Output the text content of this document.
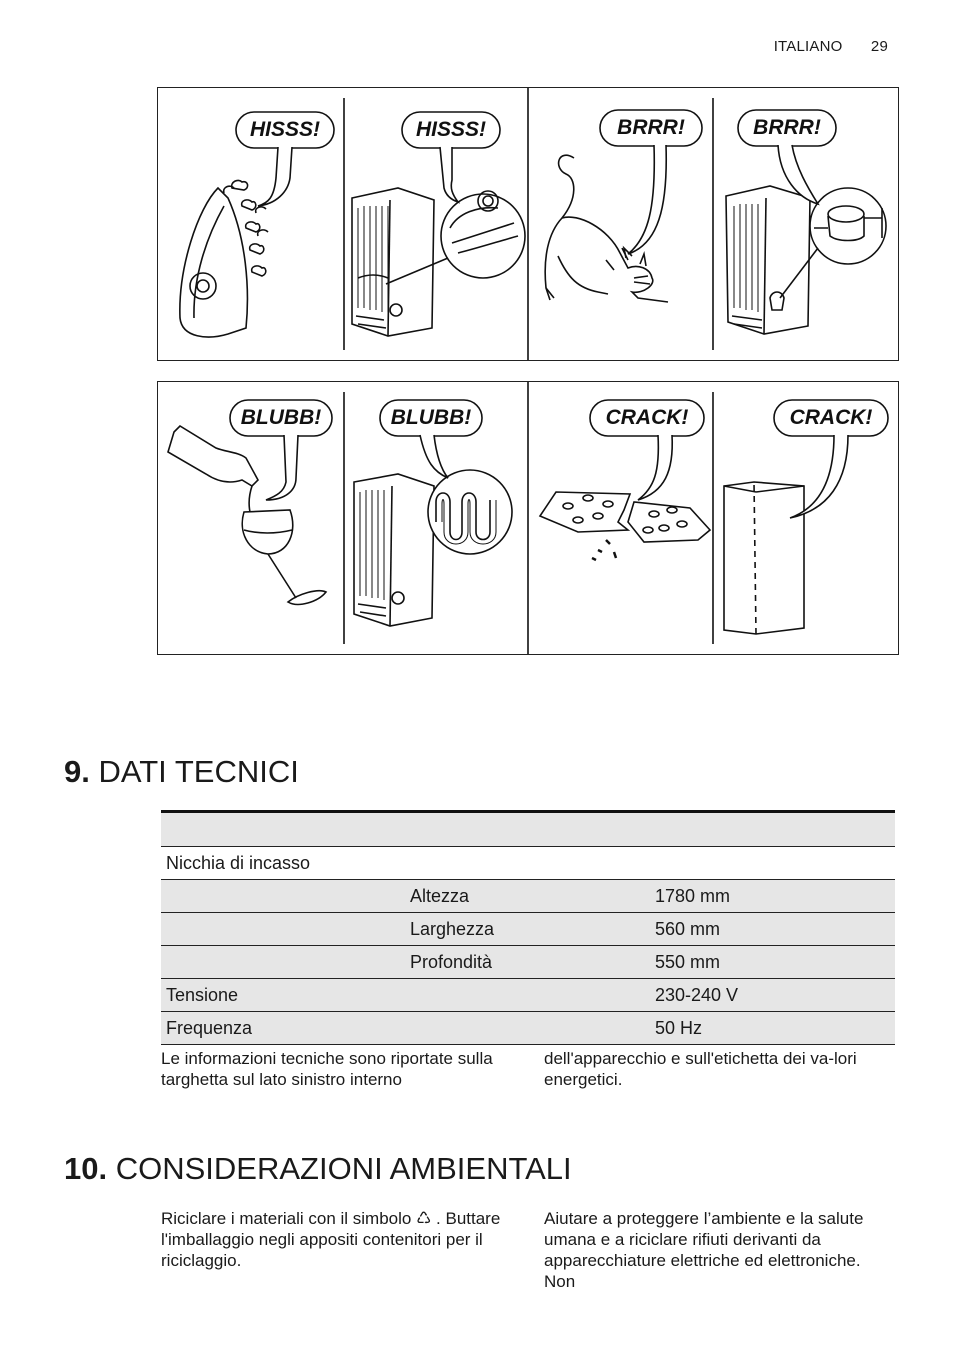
ITALIANO 29
HISSS!	HISSS!	BRRR!	BRRR!
BLUBB!	BLUBB!	CRACK!	CRACK!
9. DATI TECNICI

Nicchia di incasso		
	Altezza	1780 mm
	Larghezza	560 mm
	Profondità	550 mm
Tensione		230-240 V
Frequenza		50 Hz

Le informazioni tecniche sono riportate sulla targhetta sul lato sinistro interno

dell'apparecchio e sull'etichetta dei va-lori energetici.

10. CONSIDERAZIONI AMBIENTALI

Riciclare i materiali con il simbolo ♺ . Buttare l'imballaggio negli appositi contenitori per il riciclaggio.

Aiutare a proteggere l’ambiente e la salute umana e a riciclare rifiuti derivanti da apparecchiature elettriche ed elettroniche. Non
